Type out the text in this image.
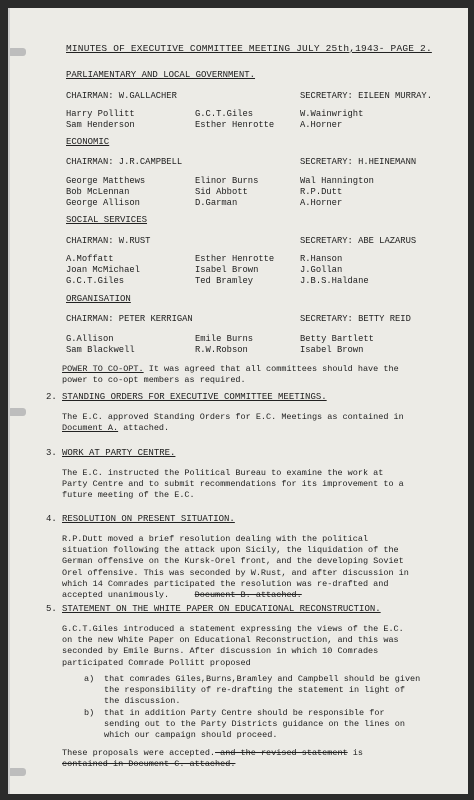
MINUTES OF EXECUTIVE COMMITTEE MEETING JULY 25th,1943- PAGE 2.
PARLIAMENTARY AND LOCAL GOVERNMENT.
CHAIRMAN: W.GALLACHER	SECRETARY: EILEEN MURRAY.
Harry Pollitt	G.C.T.Giles	W.Wainwright
Sam Henderson	Esther Henrotte	A.Horner
ECONOMIC
CHAIRMAN: J.R.CAMPBELL	SECRETARY: H.HEINEMANN
George Matthews	Elinor Burns	Wal Hannington
Bob McLennan	Sid Abbott	R.P.Dutt
George Allison	D.Garman	A.Horner
SOCIAL SERVICES
CHAIRMAN: W.RUST	SECRETARY: ABE LAZARUS
A.Moffatt	Esther Henrotte	R.Hanson
Joan McMichael	Isabel Brown	J.Gollan
G.C.T.Giles	Ted Bramley	J.B.S.Haldane
ORGANISATION
CHAIRMAN: PETER KERRIGAN	SECRETARY: BETTY REID
G.Allison	Emile Burns	Betty Bartlett
Sam Blackwell	R.W.Robson	Isabel Brown
POWER TO CO-OPT. It was agreed that all committees should have the
power to co-opt members as required.
2. STANDING ORDERS FOR EXECUTIVE COMMITTEE MEETINGS.
The E.C. approved Standing Orders for E.C. Meetings as contained in
Document A. attached.
3. WORK AT PARTY CENTRE.
The E.C. instructed the Political Bureau to examine the work at
Party Centre and to submit recommendations for its improvement to a
future meeting of the E.C.
4. RESOLUTION ON PRESENT SITUATION.
R.P.Dutt moved a brief resolution dealing with the political
situation following the attack upon Sicily, the liquidation of the
German offensive on the Kursk-Orel front, and the developing Soviet
Orel offensive. This was seconded by W.Rust, and after discussion in
which 14 Comrades participated the resolution was re-drafted and
accepted unanimously.	Document B. attached.
5. STATEMENT ON THE WHITE PAPER ON EDUCATIONAL RECONSTRUCTION.
G.C.T.Giles introduced a statement expressing the views of the E.C.
on the new White Paper on Educational Reconstruction, and this was
seconded by Emile Burns. After discussion in which 10 Comrades
participated Comrade Pollitt proposed
a) that comrades Giles,Burns,Bramley and Campbell should be given
the responsibility of re-drafting the statement in light of
the discussion.
b) that in addition Party Centre should be responsible for
sending out to the Party Districts guidance on the lines on
which our campaign should proceed.
These proposals were accepted. and the revised statement is
contained in Document C. attached.
